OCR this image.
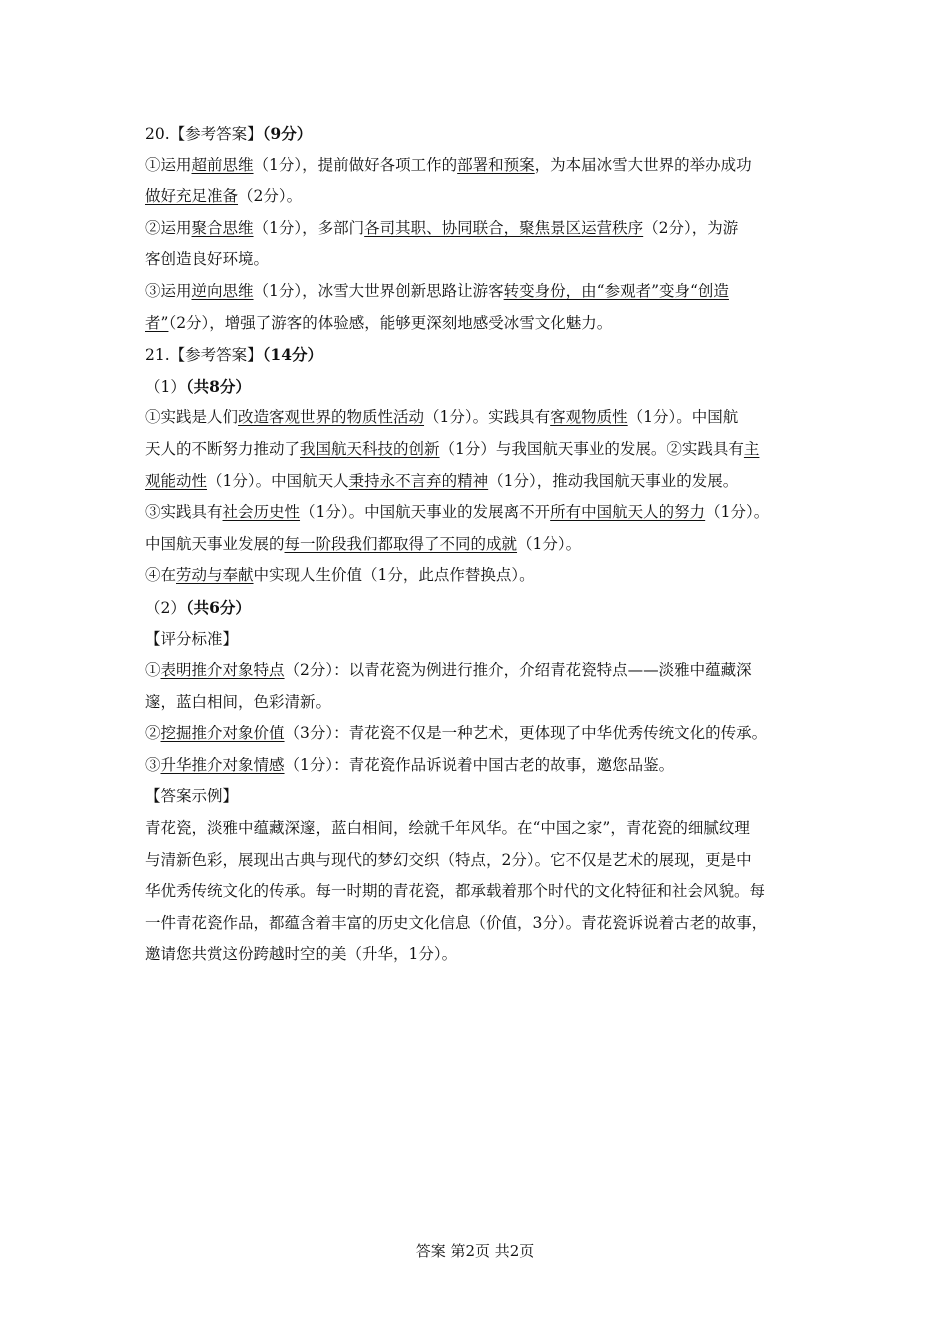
20.【参考答案】（9分）
①运用超前思维（1分），提前做好各项工作的部署和预案，为本届冰雪大世界的举办成功
做好充足准备（2分）。
②运用聚合思维（1分），多部门各司其职、协同联合，聚焦景区运营秩序（2分），为游
客创造良好环境。
③运用逆向思维（1分），冰雪大世界创新思路让游客转变身份，由“参观者”变身“创造
者”（2分），增强了游客的体验感，能够更深刻地感受冰雪文化魅力。
21.【参考答案】（14分）
（1）（共8分）
①实践是人们改造客观世界的物质性活动（1分）。实践具有客观物质性（1分）。中国航
天人的不断努力推动了我国航天科技的创新（1分）与我国航天事业的发展。②实践具有主
观能动性（1分）。中国航天人秉持永不言弃的精神（1分），推动我国航天事业的发展。
③实践具有社会历史性（1分）。中国航天事业的发展离不开所有中国航天人的努力（1分）。
中国航天事业发展的每一阶段我们都取得了不同的成就（1分）。
④在劳动与奉献中实现人生价值（1分，此点作替换点）。
（2）（共6分）
【评分标准】
①表明推介对象特点（2分）：以青花瓷为例进行推介，介绍青花瓷特点——淡雅中蕴藏深
邃，蓝白相间，色彩清新。
②挖掘推介对象价值（3分）：青花瓷不仅是一种艺术，更体现了中华优秀传统文化的传承。
③升华推介对象情感（1分）：青花瓷作品诉说着中国古老的故事，邀您品鉴。
【答案示例】
青花瓷，淡雅中蕴藏深邃，蓝白相间，绘就千年风华。在“中国之家”，青花瓷的细腻纹理
与清新色彩，展现出古典与现代的梦幻交织（特点，2分）。它不仅是艺术的展现，更是中
华优秀传统文化的传承。每一时期的青花瓷，都承载着那个时代的文化特征和社会风貌。每
一件青花瓷作品，都蕴含着丰富的历史文化信息（价值，3分）。青花瓷诉说着古老的故事，
邀请您共赏这份跨越时空的美（升华，1分）。
答案 第2页 共2页
